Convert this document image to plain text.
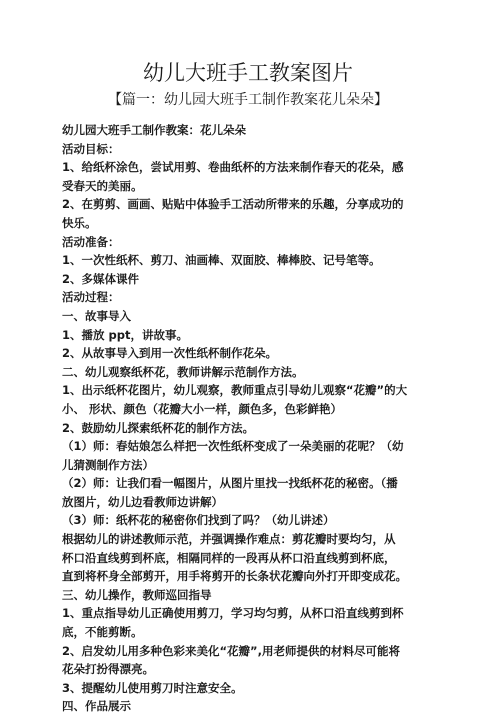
幼儿大班手工教案图片
【篇一：幼儿园大班手工制作教案花儿朵朵】
幼儿园大班手工制作教案：花儿朵朵
活动目标：
1、给纸杯涂色，尝试用剪、卷曲纸杯的方法来制作春天的花朵，感
受春天的美丽。
2、在剪剪、画画、贴贴中体验手工活动所带来的乐趣，分享成功的
快乐。
活动准备：
1、一次性纸杯、剪刀、油画棒、双面胶、棒棒胶、记号笔等。
2、多媒体课件
活动过程：
一、故事导入
1、播放 ppt，讲故事。
2、从故事导入到用一次性纸杯制作花朵。
二、幼儿观察纸杯花，教师讲解示范制作方法。
1、出示纸杯花图片，幼儿观察，教师重点引导幼儿观察“花瓣”的大
小、 形状、颜色（花瓣大小一样，颜色多，色彩鲜艳）
2、鼓励幼儿探索纸杯花的制作方法。
（1）师：春姑娘怎么样把一次性纸杯变成了一朵美丽的花呢？（幼
儿猜测制作方法）
（2）师：让我们看一幅图片，从图片里找一找纸杯花的秘密。（播
放图片，幼儿边看教师边讲解）
（3）师：纸杯花的秘密你们找到了吗？（幼儿讲述）
根据幼儿的讲述教师示范，并强调操作难点：剪花瓣时要均匀，从
杯口沿直线剪到杯底，相隔同样的一段再从杯口沿直线剪到杯底，
直到将杯身全部剪开，用手将剪开的长条状花瓣向外打开即变成花。
三、幼儿操作，教师巡回指导
1、重点指导幼儿正确使用剪刀，学习均匀剪，从杯口沿直线剪到杯
底，不能剪断。
2、启发幼儿用多种色彩来美化“花瓣”,用老师提供的材料尽可能将
花朵打扮得漂亮。
3、提醒幼儿使用剪刀时注意安全。
四、作品展示
